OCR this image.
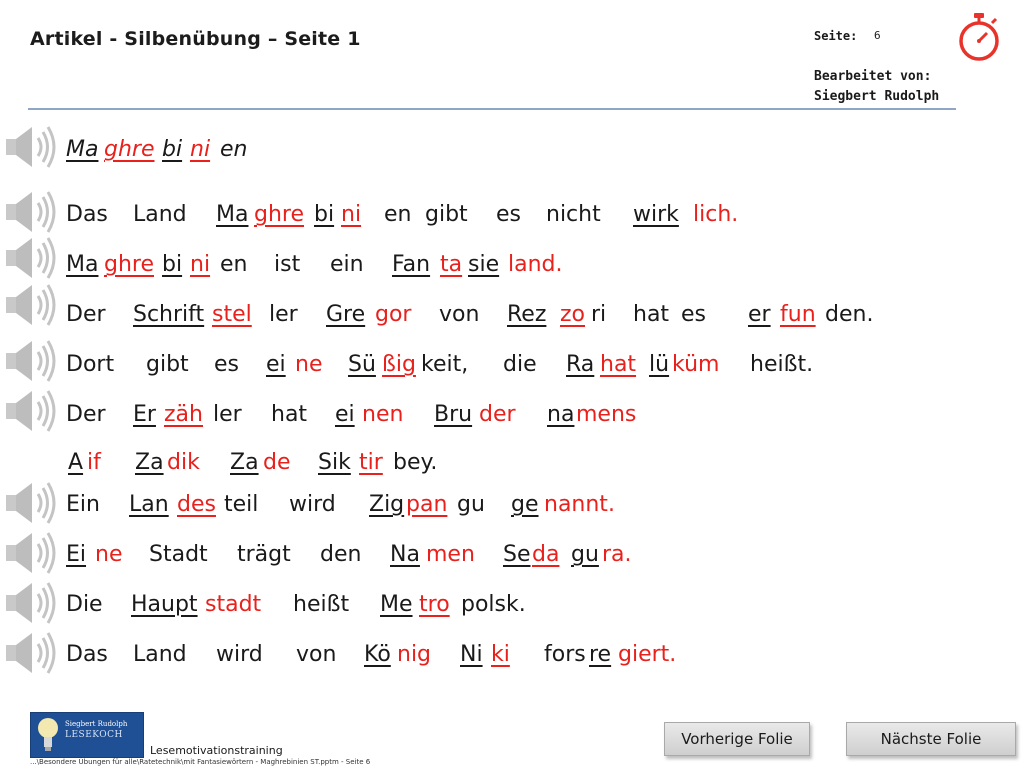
Artikel - Silbenübung – Seite 1	Seite: 6
Bearbeitet von:
Siegbert Rudolph
Ma ghre bi ni en
Das Land Ma ghre bi ni en gibt es nicht wirk lich.
Ma ghre bi ni en ist ein Fan ta sie land.
Der Schrift stel ler Gre gor von Rez zo ri hat es er fun den.
Dort gibt es ei ne Sü ßig keit, die Ra hat lü küm heißt.
Der Er zäh ler hat ei nen Bru der na mens
A if Za dik Za de Sik tir bey.
Ein Lan des teil wird Zig pan gu ge nannt.
Ei ne Stadt trägt den Na men Se da gu ra.
Die Haupt stadt heißt Me tro polsk.
Das Land wird von Kö nig Ni ki fors re giert.
Siegbert Rudolph
LESEKOCH
Lesemotivationstraining
...\Besondere Übungen für alle\Ratetechnik\mit Fantasiewörtern - Maghrebinien ST.pptm - Seite 6
Vorherige Folie	Nächste Folie
